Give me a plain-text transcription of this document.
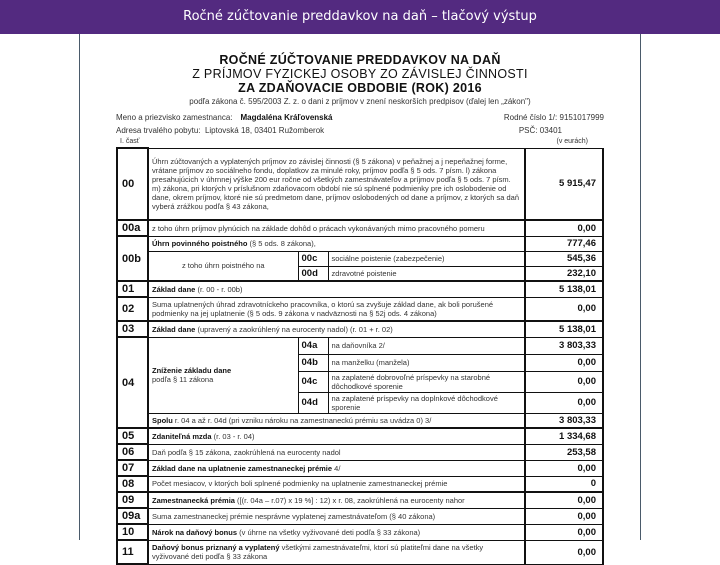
Ročné zúčtovanie preddavkov na daň – tlačový výstup
ROČNÉ ZÚČTOVANIE PREDDAVKOV NA DAŇ
Z PRÍJMOV FYZICKEJ OSOBY ZO ZÁVISLEJ ČINNOSTI
ZA ZDAŇOVACIE OBDOBIE (ROK) 2016
podľa zákona č. 595/2003 Z. z. o dani z príjmov v znení neskorších predpisov (ďalej len „zákon")
Meno a priezvisko zamestnanca: Magdaléna Kráľovenská	Rodné číslo 1/: 9151017999
Adresa trvalého pobytu: Liptovská 18, 03401 Ružomberok	PSČ: 03401
I. časť	(v eurách)
00	Úhrn zúčtovaných a vyplatených príjmov zo závislej činnosti (§ 5 zákona) v peňažnej a j nepeňažnej forme, vrátane príjmov zo sociálneho fondu, doplatkov za minulé roky, príjmov podľa § 5 ods. 7 písm. l) zákona presahujúcich v úhrnnej výške 200 eur ročne od všetkých zamestnávateľov a príjmov podľa § 5 ods. 7 písm. m) zákona, pri ktorých v príslušnom zdaňovacom období nie sú splnené podmienky pre ich oslobodenie od dane, okrem príjmov, ktoré nie sú predmetom dane, príjmov oslobodených od dane a príjmov, z ktorých sa daň vyberá zrážkou podľa § 43 zákona,			5 915,47
00a	z toho úhrn príjmov plynúcich na základe dohôd o prácach vykonávaných mimo pracovného pomeru			0,00
00b	Úhrn povinného poistného (§ 5 ods. 8 zákona),			777,46
	z toho úhrn poistného na	00c	sociálne poistenie (zabezpečenie)	545,36
		00d	zdravotné poistenie	232,10
01	Základ dane (r. 00 - r. 00b)			5 138,01
02	Suma uplatnených úhrad zdravotníckeho pracovníka, o ktorú sa zvyšuje základ dane, ak boli porušené podmienky na jej uplatnenie (§ 5 ods. 9 zákona v nadväznosti na § 52j ods. 4 zákona)			0,00
03	Základ dane (upravený a zaokrúhlený na eurocenty nadol) (r. 01 + r. 02)			5 138,01
04	Zníženie základu dane
podľa § 11 zákona	04a	na daňovníka 2/	3 803,33
		04b	na manželku (manžela)	0,00
		04c	na zaplatené dobrovoľné príspevky na starobné dôchodkové sporenie	0,00
		04d	na zaplatené príspevky na doplnkové dôchodkové sporenie	0,00
	Spolu r. 04 a až r. 04d (pri vzniku nároku na zamestnaneckú prémiu sa uvádza 0) 3/			3 803,33
05	Zdaniteľná mzda (r. 03 - r. 04)			1 334,68
06	Daň podľa § 15 zákona, zaokrúhlená na eurocenty nadol			253,58
07	Základ dane na uplatnenie zamestnaneckej prémie 4/			0,00
08	Počet mesiacov, v ktorých boli splnené podmienky na uplatnenie zamestnaneckej prémie			0
09	Zamestnanecká prémia ([(r. 04a – r.07) x 19 %] : 12) x r. 08, zaokrúhlená na eurocenty nahor			0,00
09a	Suma zamestnaneckej prémie nesprávne vyplatenej zamestnávateľom (§ 40 zákona)			0,00
10	Nárok na daňový bonus (v úhrne na všetky vyživované deti podľa § 33 zákona)			0,00
11	Daňový bonus priznaný a vyplatený všetkými zamestnávateľmi, ktorí sú platiteľmi dane na všetky vyživované deti podľa § 33 zákona			0,00
